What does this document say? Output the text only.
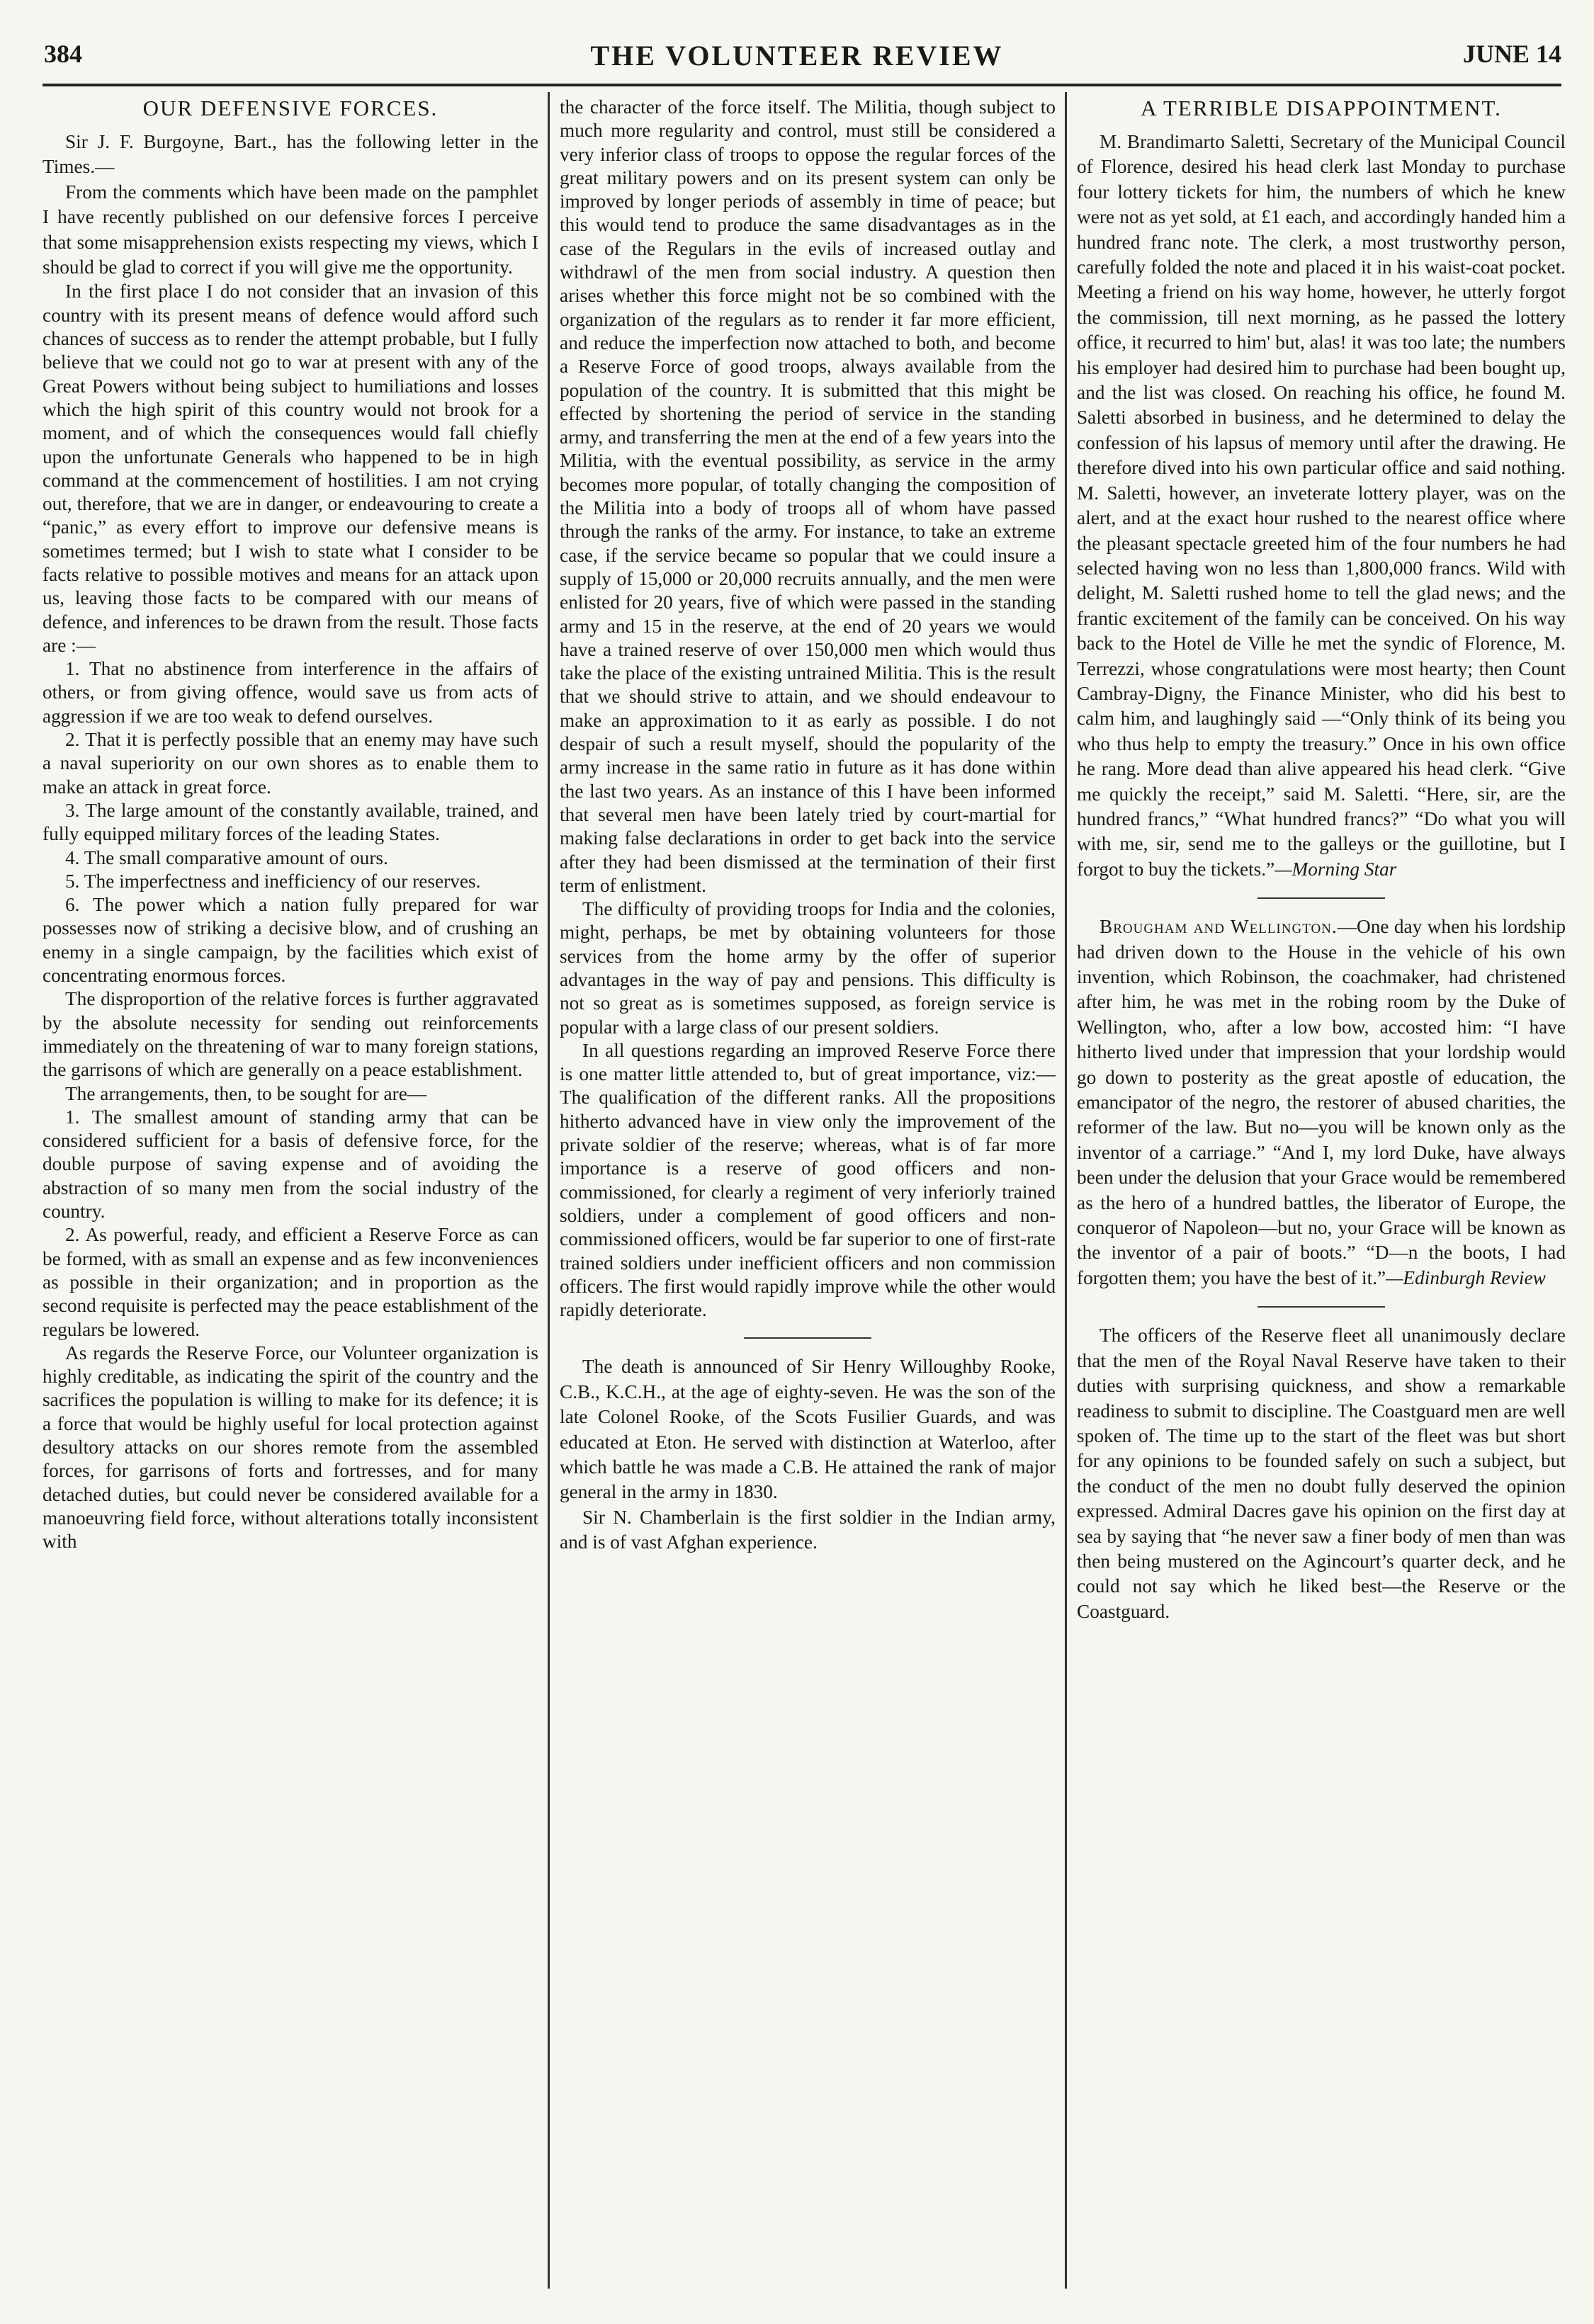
384	THE VOLUNTEER REVIEW	JUNE 14
OUR DEFENSIVE FORCES.

Sir J. F. Burgoyne, Bart., has the following letter in the Times.—

From the comments which have been made on the pamphlet I have recently published on our defensive forces I perceive that some misapprehension exists respecting my views, which I should be glad to correct if you will give me the opportunity.

In the first place I do not consider that an invasion of this country with its present means of defence would afford such chances of success as to render the attempt probable, but I fully believe that we could not go to war at present with any of the Great Powers without being subject to humiliations and losses which the high spirit of this country would not brook for a moment, and of which the consequences would fall chiefly upon the unfortunate Generals who happened to be in high command at the commencement of hostilities. I am not crying out, therefore, that we are in danger, or endeavouring to create a “panic,” as every effort to improve our defensive means is sometimes termed; but I wish to state what I consider to be facts relative to possible motives and means for an attack upon us, leaving those facts to be compared with our means of defence, and inferences to be drawn from the result. Those facts are :—

1. That no abstinence from interference in the affairs of others, or from giving offence, would save us from acts of aggression if we are too weak to defend ourselves.

2. That it is perfectly possible that an enemy may have such a naval superiority on our own shores as to enable them to make an attack in great force.

3. The large amount of the constantly available, trained, and fully equipped military forces of the leading States.

4. The small comparative amount of ours.

5. The imperfectness and inefficiency of our reserves.

6. The power which a nation fully prepared for war possesses now of striking a decisive blow, and of crushing an enemy in a single campaign, by the facilities which exist of concentrating enormous forces.

The disproportion of the relative forces is further aggravated by the absolute necessity for sending out reinforcements immediately on the threatening of war to many foreign stations, the garrisons of which are generally on a peace establishment.

The arrangements, then, to be sought for are—

1. The smallest amount of standing army that can be considered sufficient for a basis of defensive force, for the double purpose of saving expense and of avoiding the abstraction of so many men from the social industry of the country.

2. As powerful, ready, and efficient a Reserve Force as can be formed, with as small an expense and as few inconveniences as possible in their organization; and in proportion as the second requisite is perfected may the peace establishment of the regulars be lowered.

As regards the Reserve Force, our Volunteer organization is highly creditable, as indicating the spirit of the country and the sacrifices the population is willing to make for its defence; it is a force that would be highly useful for local protection against desultory attacks on our shores remote from the assembled forces, for garrisons of forts and fortresses, and for many detached duties, but could never be considered available for a manoeuvring field force, without alterations totally inconsistent with

the character of the force itself. The Militia, though subject to much more regularity and control, must still be considered a very inferior class of troops to oppose the regular forces of the great military powers and on its present system can only be improved by longer periods of assembly in time of peace; but this would tend to produce the same disadvantages as in the case of the Regulars in the evils of increased outlay and withdrawl of the men from social industry. A question then arises whether this force might not be so combined with the organization of the regulars as to render it far more efficient, and reduce the imperfection now attached to both, and become a Reserve Force of good troops, always available from the population of the country. It is submitted that this might be effected by shortening the period of service in the standing army, and transferring the men at the end of a few years into the Militia, with the eventual possibility, as service in the army becomes more popular, of totally changing the composition of the Militia into a body of troops all of whom have passed through the ranks of the army. For instance, to take an extreme case, if the service became so popular that we could insure a supply of 15,000 or 20,000 recruits annually, and the men were enlisted for 20 years, five of which were passed in the standing army and 15 in the reserve, at the end of 20 years we would have a trained reserve of over 150,000 men which would thus take the place of the existing untrained Militia. This is the result that we should strive to attain, and we should endeavour to make an approximation to it as early as possible. I do not despair of such a result myself, should the popularity of the army increase in the same ratio in future as it has done within the last two years. As an instance of this I have been informed that several men have been lately tried by court-martial for making false declarations in order to get back into the service after they had been dismissed at the termination of their first term of enlistment.

The difficulty of providing troops for India and the colonies, might, perhaps, be met by obtaining volunteers for those services from the home army by the offer of superior advantages in the way of pay and pensions. This difficulty is not so great as is sometimes supposed, as foreign service is popular with a large class of our present soldiers.

In all questions regarding an improved Reserve Force there is one matter little attended to, but of great importance, viz:—The qualification of the different ranks. All the propositions hitherto advanced have in view only the improvement of the private soldier of the reserve; whereas, what is of far more importance is a reserve of good officers and non-commissioned, for clearly a regiment of very inferiorly trained soldiers, under a complement of good officers and non-commissioned officers, would be far superior to one of first-rate trained soldiers under inefficient officers and non commission officers. The first would rapidly improve while the other would rapidly deteriorate.

The death is announced of Sir Henry Willoughby Rooke, C.B., K.C.H., at the age of eighty-seven. He was the son of the late Colonel Rooke, of the Scots Fusilier Guards, and was educated at Eton. He served with distinction at Waterloo, after which battle he was made a C.B. He attained the rank of major general in the army in 1830.

Sir N. Chamberlain is the first soldier in the Indian army, and is of vast Afghan experience.

A TERRIBLE DISAPPOINTMENT.

M. Brandimarto Saletti, Secretary of the Municipal Council of Florence, desired his head clerk last Monday to purchase four lottery tickets for him, the numbers of which he knew were not as yet sold, at £1 each, and accordingly handed him a hundred franc note. The clerk, a most trustworthy person, carefully folded the note and placed it in his waist-coat pocket. Meeting a friend on his way home, however, he utterly forgot the commission, till next morning, as he passed the lottery office, it recurred to him' but, alas! it was too late; the numbers his employer had desired him to purchase had been bought up, and the list was closed. On reaching his office, he found M. Saletti absorbed in business, and he determined to delay the confession of his lapsus of memory until after the drawing. He therefore dived into his own particular office and said nothing. M. Saletti, however, an inveterate lottery player, was on the alert, and at the exact hour rushed to the nearest office where the pleasant spectacle greeted him of the four numbers he had selected having won no less than 1,800,000 francs. Wild with delight, M. Saletti rushed home to tell the glad news; and the frantic excitement of the family can be conceived. On his way back to the Hotel de Ville he met the syndic of Florence, M. Terrezzi, whose congratulations were most hearty; then Count Cambray-Digny, the Finance Minister, who did his best to calm him, and laughingly said —“Only think of its being you who thus help to empty the treasury.” Once in his own office he rang. More dead than alive appeared his head clerk. “Give me quickly the receipt,” said M. Saletti. “Here, sir, are the hundred francs,” “What hundred francs?” “Do what you will with me, sir, send me to the galleys or the guillotine, but I forgot to buy the tickets.”—Morning Star

Brougham and Wellington.—One day when his lordship had driven down to the House in the vehicle of his own invention, which Robinson, the coachmaker, had christened after him, he was met in the robing room by the Duke of Wellington, who, after a low bow, accosted him: “I have hitherto lived under that impression that your lordship would go down to posterity as the great apostle of education, the emancipator of the negro, the restorer of abused charities, the reformer of the law. But no—you will be known only as the inventor of a carriage.” “And I, my lord Duke, have always been under the delusion that your Grace would be remembered as the hero of a hundred battles, the liberator of Europe, the conqueror of Napoleon—but no, your Grace will be known as the inventor of a pair of boots.” “D—n the boots, I had forgotten them; you have the best of it.”—Edinburgh Review

The officers of the Reserve fleet all unanimously declare that the men of the Royal Naval Reserve have taken to their duties with surprising quickness, and show a remarkable readiness to submit to discipline. The Coastguard men are well spoken of. The time up to the start of the fleet was but short for any opinions to be founded safely on such a subject, but the conduct of the men no doubt fully deserved the opinion expressed. Admiral Dacres gave his opinion on the first day at sea by saying that “he never saw a finer body of men than was then being mustered on the Agincourt’s quarter deck, and he could not say which he liked best—the Reserve or the Coastguard.
